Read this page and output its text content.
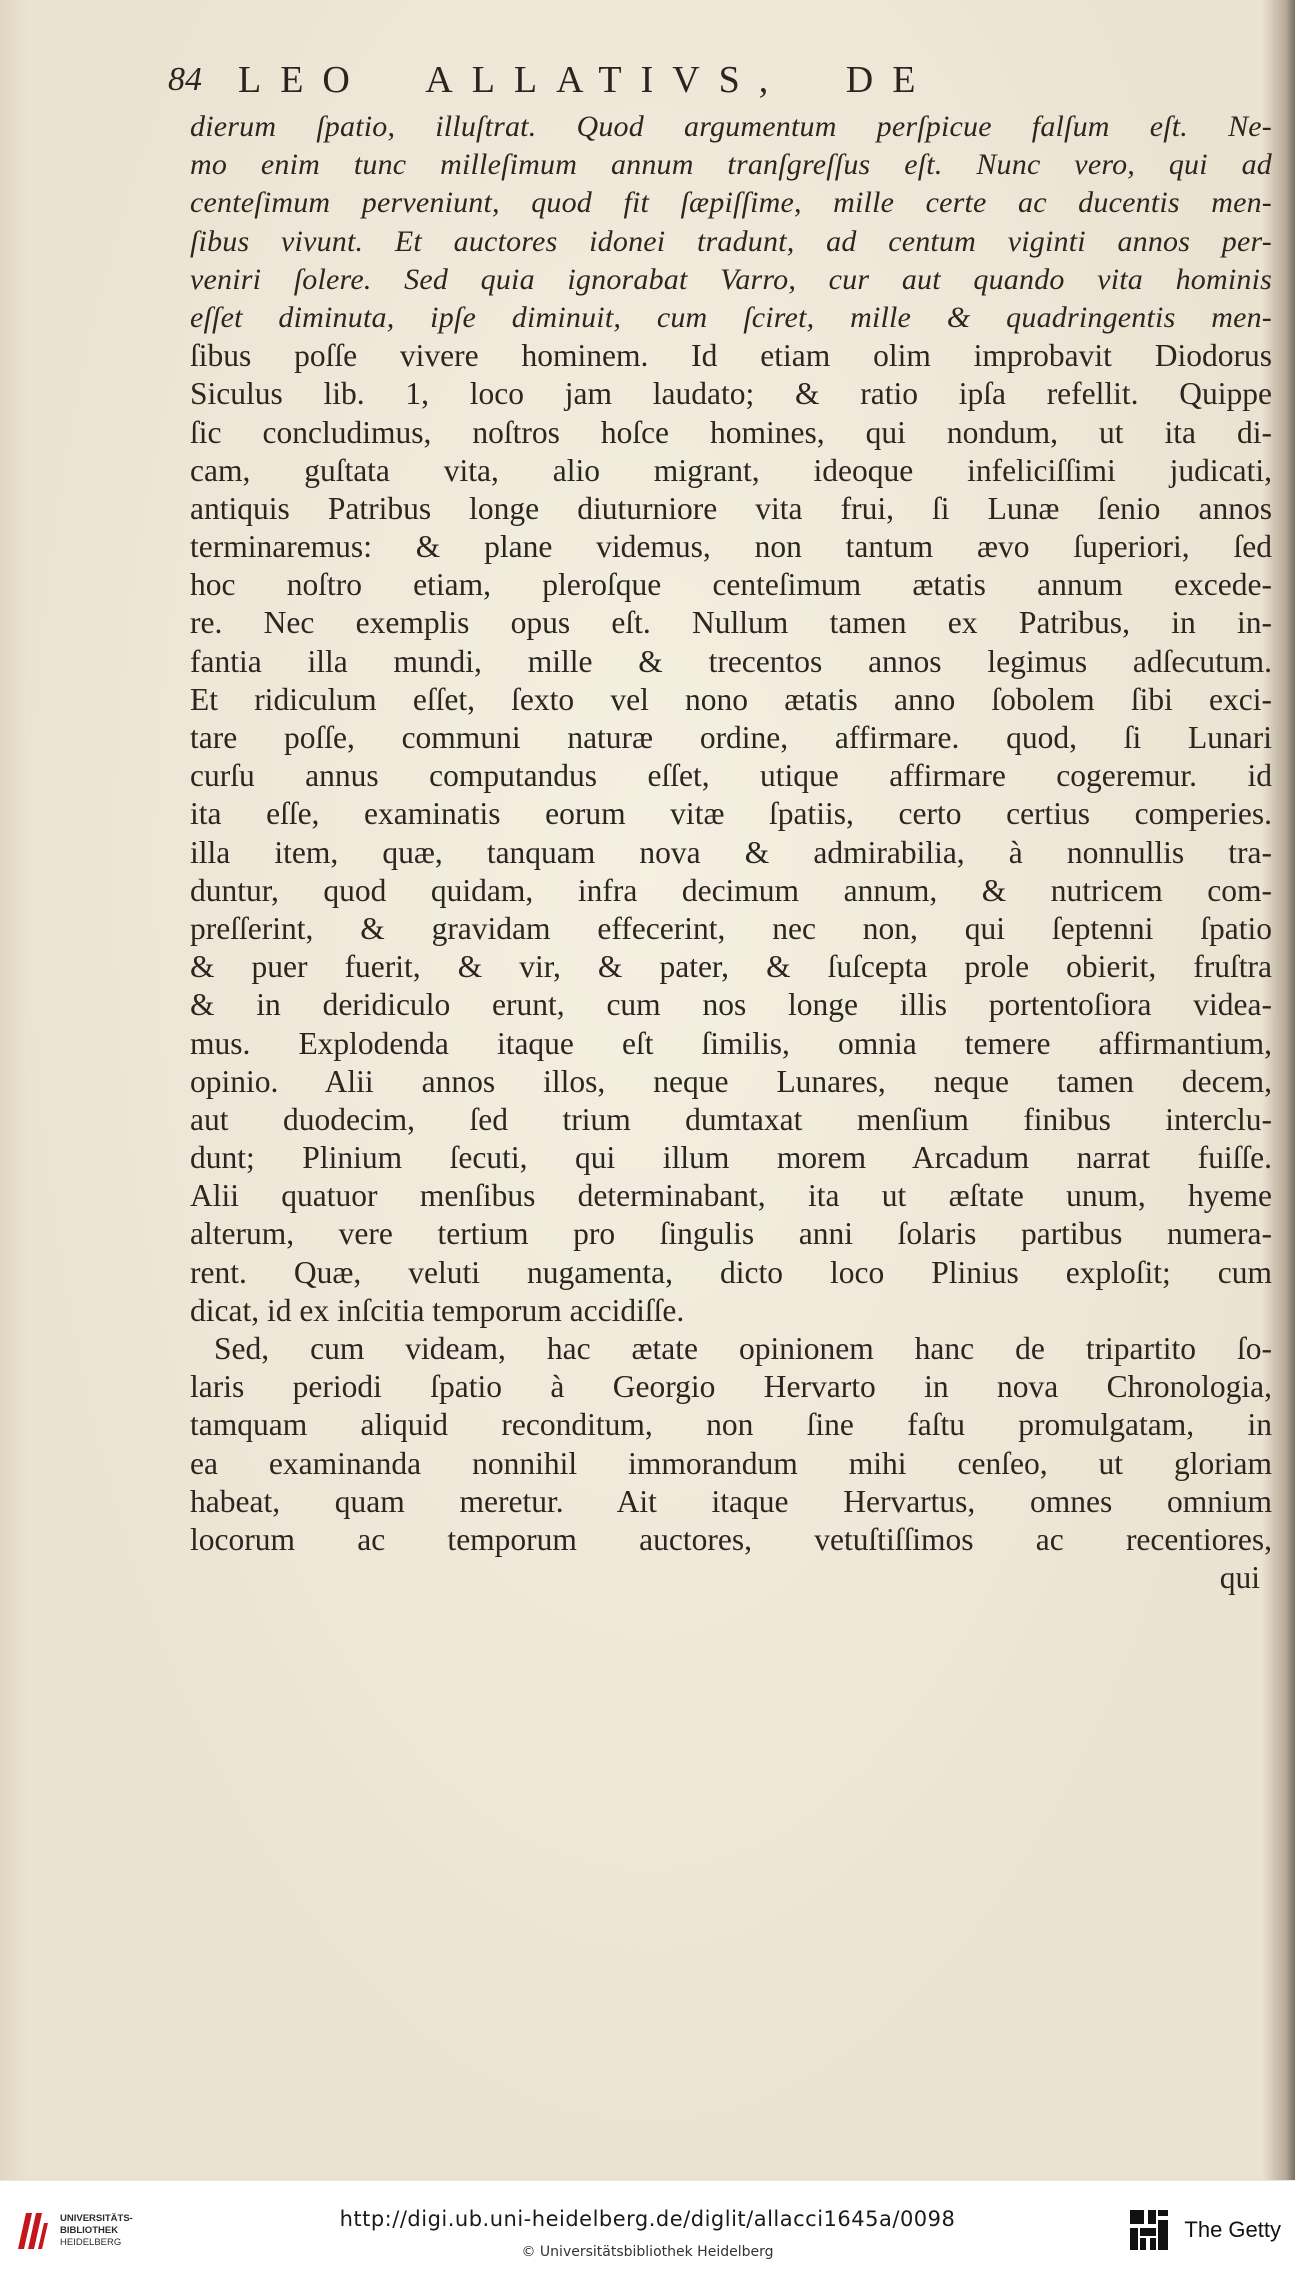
84 LEO ALLATIVS, DE
dierum ſpatio, illuſtrat. Quod argumentum perſpicue falſum eſt. Ne-
mo enim tunc milleſimum annum tranſgreſſus eſt. Nunc vero, qui ad
centeſimum perveniunt, quod fit ſæpiſſime, mille certe ac ducentis men-
ſibus vivunt. Et auctores idonei tradunt, ad centum viginti annos per-
veniri ſolere. Sed quia ignorabat Varro, cur aut quando vita hominis
eſſet diminuta, ipſe diminuit, cum ſciret, mille & quadringentis men-
ſibus poſſe vivere hominem. Id etiam olim improbavit Diodorus
Siculus lib. 1, loco jam laudato; & ratio ipſa refellit. Quippe
ſic concludimus, noſtros hoſce homines, qui nondum, ut ita di-
cam, guſtata vita, alio migrant, ideoque infeliciſſimi judicati,
antiquis Patribus longe diuturniore vita frui, ſi Lunæ ſenio annos
terminaremus: & plane videmus, non tantum ævo ſuperiori, ſed
hoc noſtro etiam, pleroſque centeſimum ætatis annum excede-
re. Nec exemplis opus eſt. Nullum tamen ex Patribus, in in-
fantia illa mundi, mille & trecentos annos legimus adſecutum.
Et ridiculum eſſet, ſexto vel nono ætatis anno ſobolem ſibi exci-
tare poſſe, communi naturæ ordine, affirmare. quod, ſi Lunari
curſu annus computandus eſſet, utique affirmare cogeremur. id
ita eſſe, examinatis eorum vitæ ſpatiis, certo certius comperies.
illa item, quæ, tanquam nova & admirabilia, à nonnullis tra-
duntur, quod quidam, infra decimum annum, & nutricem com-
preſſerint, & gravidam effecerint, nec non, qui ſeptenni ſpatio
& puer fuerit, & vir, & pater, & ſuſcepta prole obierit, fruſtra
& in deridiculo erunt, cum nos longe illis portentoſiora videa-
mus. Explodenda itaque eſt ſimilis, omnia temere affirmantium,
opinio. Alii annos illos, neque Lunares, neque tamen decem,
aut duodecim, ſed trium dumtaxat menſium finibus interclu-
dunt; Plinium ſecuti, qui illum morem Arcadum narrat fuiſſe.
Alii quatuor menſibus determinabant, ita ut æſtate unum, hyeme
alterum, vere tertium pro ſingulis anni ſolaris partibus numera-
rent. Quæ, veluti nugamenta, dicto loco Plinius exploſit; cum
dicat, id ex inſcitia temporum accidiſſe.
Sed, cum videam, hac ætate opinionem hanc de tripartito ſo-
laris periodi ſpatio à Georgio Hervarto in nova Chronologia,
tamquam aliquid reconditum, non ſine faſtu promulgatam, in
ea examinanda nonnihil immorandum mihi cenſeo, ut gloriam
habeat, quam meretur. Ait itaque Hervartus, omnes omnium
locorum ac temporum auctores, vetuſtiſſimos ac recentiores,
qui
UNIVERSITÄTS-
BIBLIOTHEK
HEIDELBERG
http://digi.ub.uni-heidelberg.de/diglit/allacci1645a/0098
© Universitätsbibliothek Heidelberg
The Getty
